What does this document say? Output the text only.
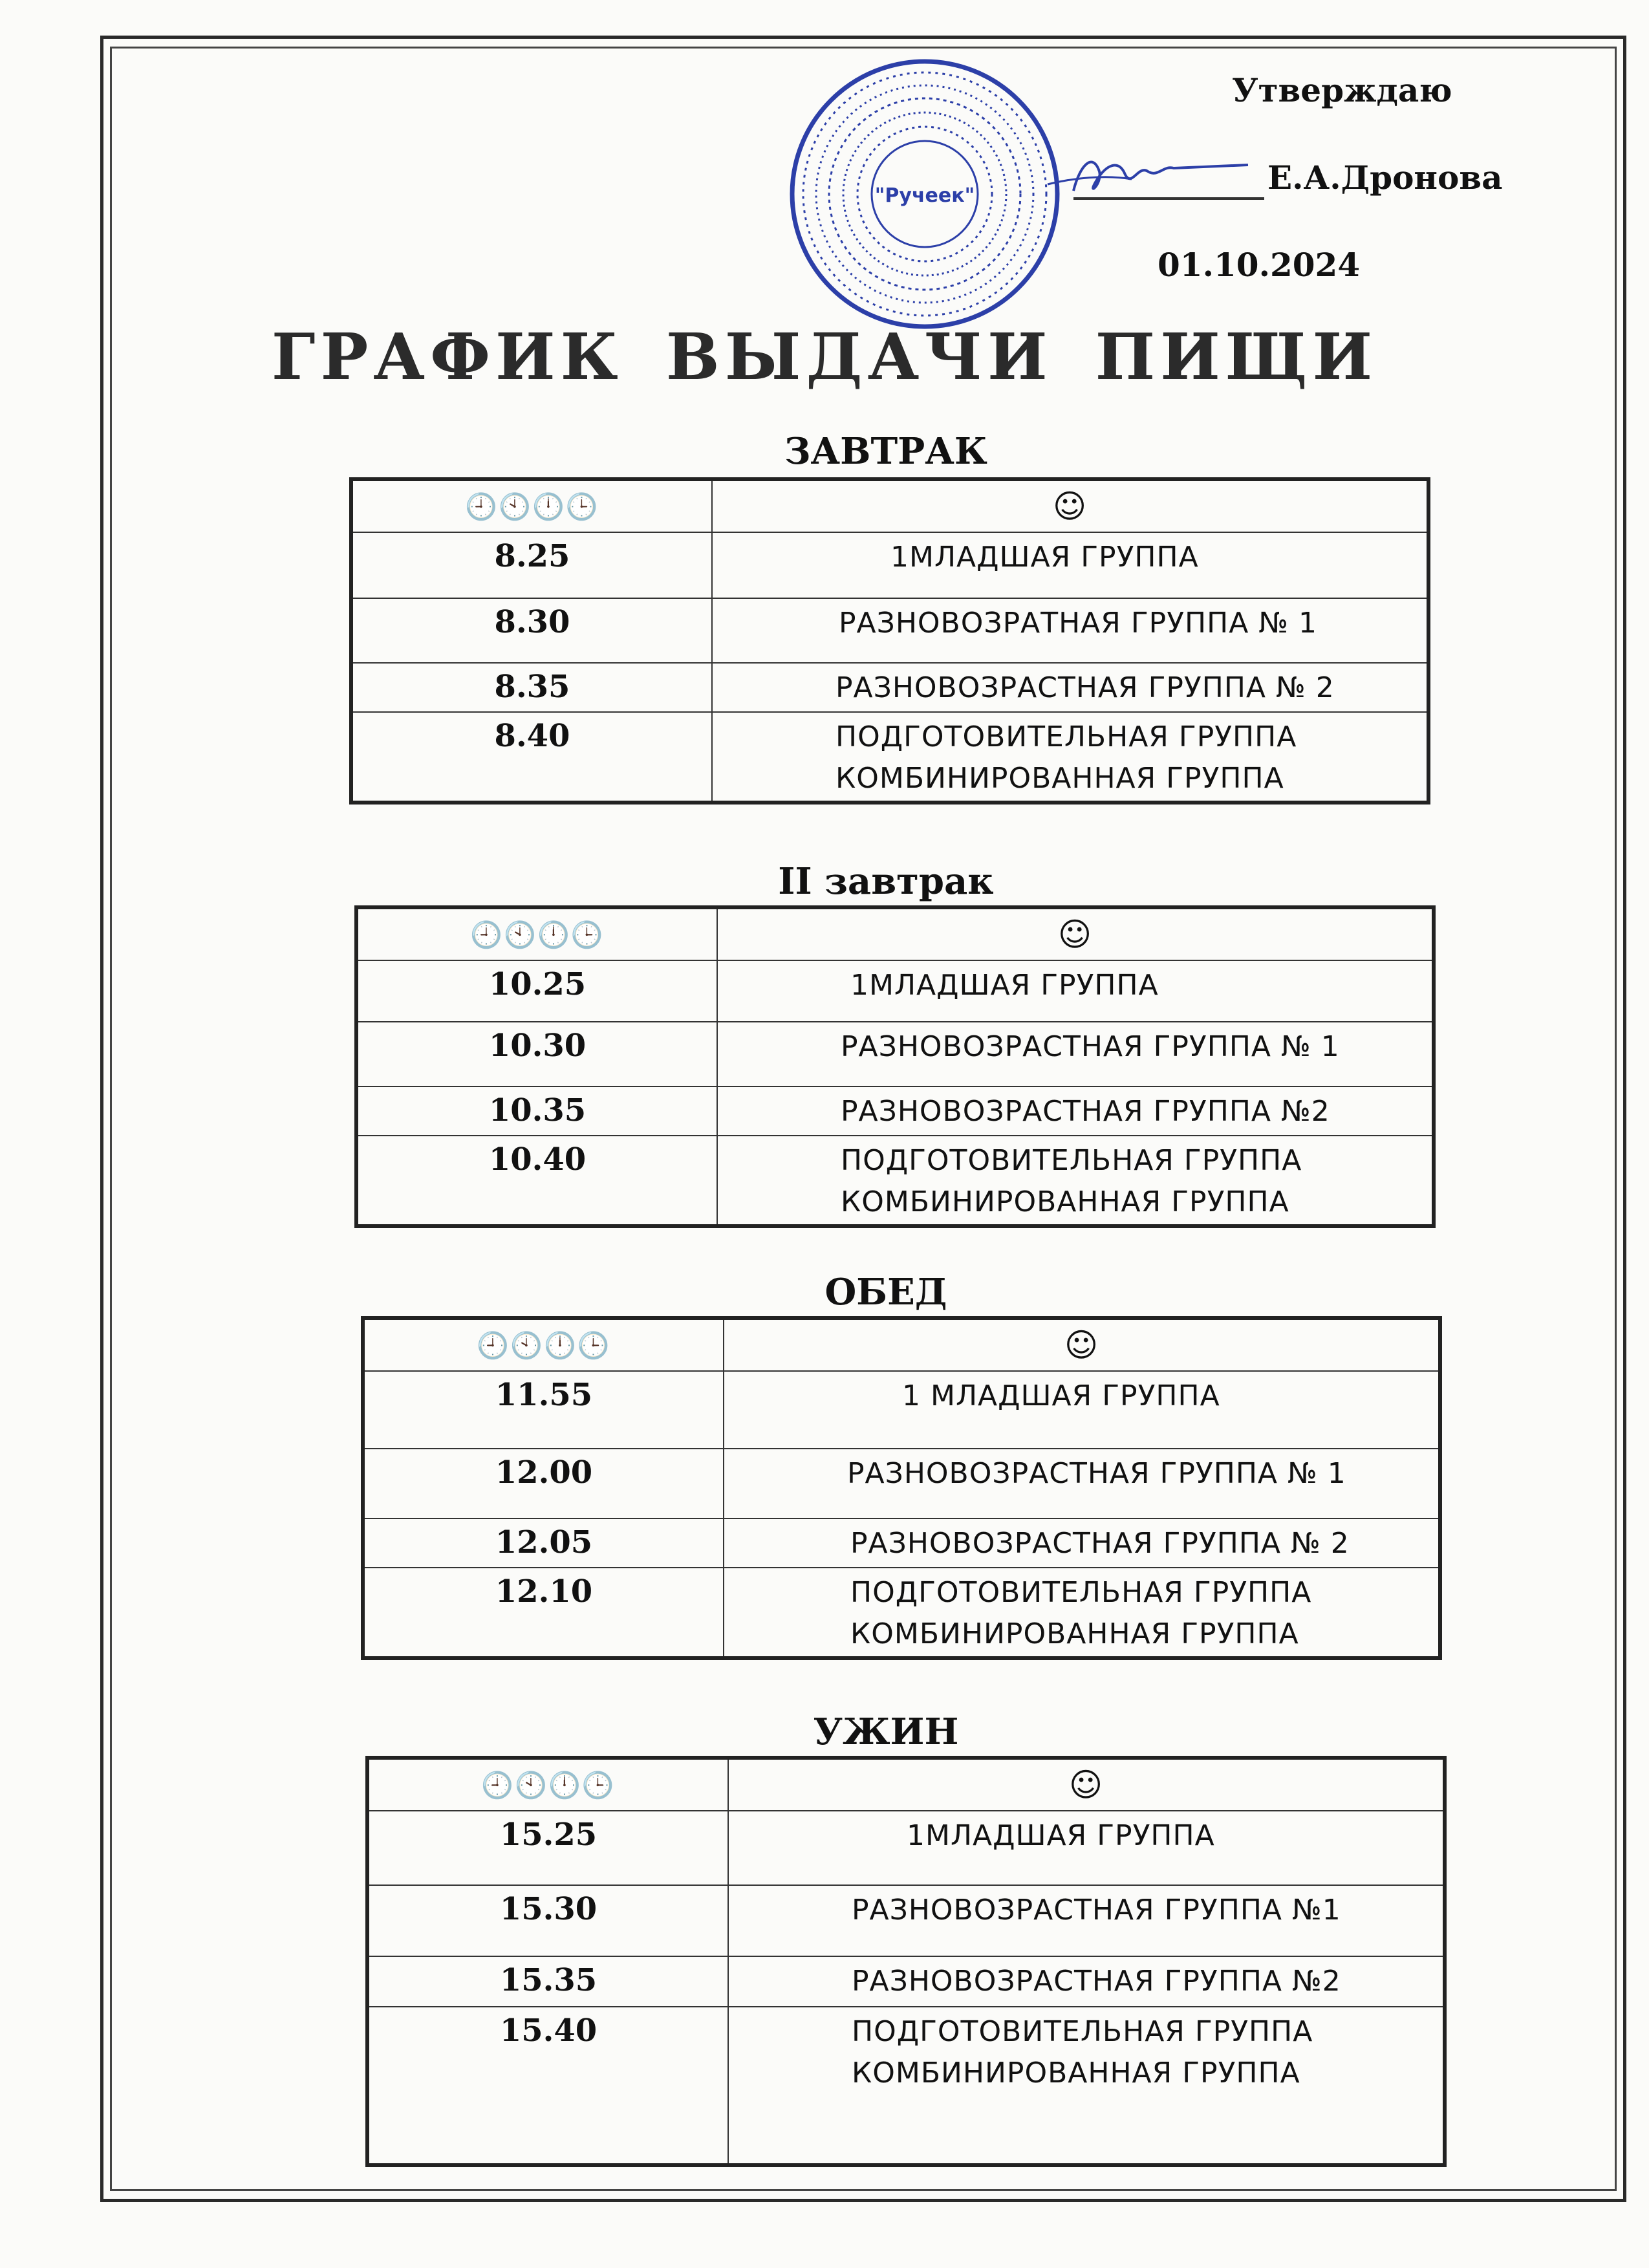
"Ручеек"
Утверждаю
Е.А.Дронова
01.10.2024
ГРАФИК ВЫДАЧИ ПИЩИ
ЗАВТРАК
🕘🕙🕛🕒	☺
8.25	1МЛАДШАЯ ГРУППА

8.30	РАЗНОВОЗРАТНАЯ ГРУППА № 1

8.35	РАЗНОВОЗРАСТНАЯ ГРУППА № 2

8.40	ПОДГОТОВИТЕЛЬНАЯ ГРУППА
КОМБИНИРОВАННАЯ ГРУППА
II завтрак
🕘🕙🕛🕒	☺
10.25	1МЛАДШАЯ ГРУППА

10.30	РАЗНОВОЗРАСТНАЯ ГРУППА № 1

10.35	РАЗНОВОЗРАСТНАЯ ГРУППА №2

10.40	ПОДГОТОВИТЕЛЬНАЯ ГРУППА
КОМБИНИРОВАННАЯ ГРУППА
ОБЕД
🕘🕙🕛🕒	☺
11.55	1 МЛАДШАЯ ГРУППА

12.00	РАЗНОВОЗРАСТНАЯ ГРУППА № 1

12.05	РАЗНОВОЗРАСТНАЯ ГРУППА № 2

12.10	ПОДГОТОВИТЕЛЬНАЯ ГРУППА
КОМБИНИРОВАННАЯ ГРУППА
УЖИН
🕘🕙🕛🕒	☺
15.25	1МЛАДШАЯ ГРУППА

15.30	РАЗНОВОЗРАСТНАЯ ГРУППА №1

15.35	РАЗНОВОЗРАСТНАЯ ГРУППА №2

15.40	ПОДГОТОВИТЕЛЬНАЯ ГРУППА
КОМБИНИРОВАННАЯ ГРУППА
